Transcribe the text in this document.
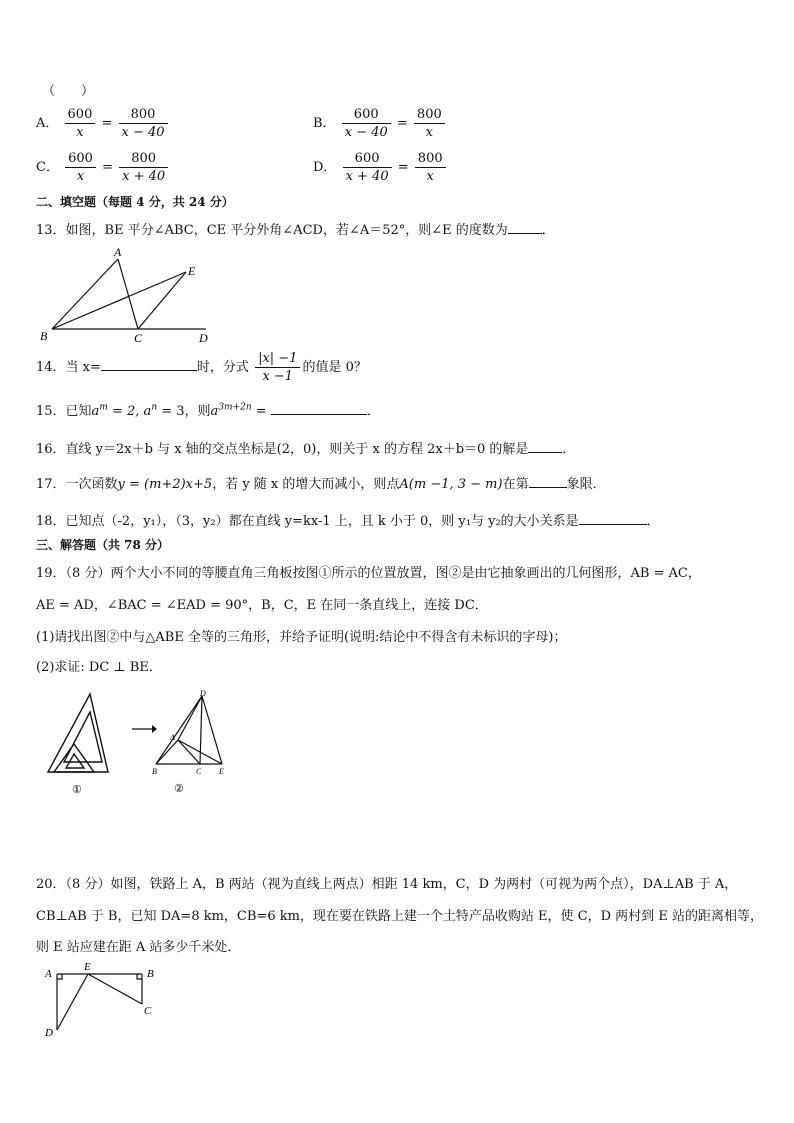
（　　）
A． $\frac{600}{x} = \frac{800}{x - 40}$	B． $\frac{600}{x - 40} = \frac{800}{x}$
C． $\frac{600}{x} = \frac{800}{x + 40}$	D． $\frac{600}{x + 40} = \frac{800}{x}$
二、填空题（每题 4 分，共 24 分）
13．如图，BE 平分∠ABC，CE 平分外角∠ACD，若∠A＝52°，则∠E 的度数为	．
A
B	C	D
E
14．当 x=	时，分式 $\frac{|x| -1}{x -1}$ 的值是 0？
15．已知$a^m = 2$, $a^n = 3$，则$a^{3m+2n}$ =	．
16．直线 y＝2x＋b 与 x 轴的交点坐标是(2，0)，则关于 x 的方程 2x＋b＝0 的解是	．
17．一次函数y = (m+2)x+5，若 y 随 x 的增大而减小，则点A(m −1, 3 − m)在第	象限．
18．已知点（-2，y₁），（3，y₂）都在直线 y=kx-1 上，且 k 小于 0，则 y₁与 y₂的大小关系是	．
三、解答题（共 78 分）
19．（8 分）两个大小不同的等腰直角三角板按图①所示的位置放置，图②是由它抽象画出的几何图形，AB = AC，
AE = AD，∠BAC = ∠EAD = 90°，B，C，E 在同一条直线上，连接 DC．
(1)请找出图②中与△ABE 全等的三角形，并给予证明(说明:结论中不得含有未标识的字母)；
(2)求证: DC ⊥ BE．
①
D
A
B	C E
②
20．（8 分）如图，铁路上 A，B 两站（视为直线上两点）相距 14 km，C，D 为两村（可视为两个点），DA⊥AB 于 A，
CB⊥AB 于 B，已知 DA=8 km，CB=6 km，现在要在铁路上建一个土特产品收购站 E，使 C，D 两村到 E 站的距离相等，
则 E 站应建在距 A 站多少千米处．
A
E
B
C
D
